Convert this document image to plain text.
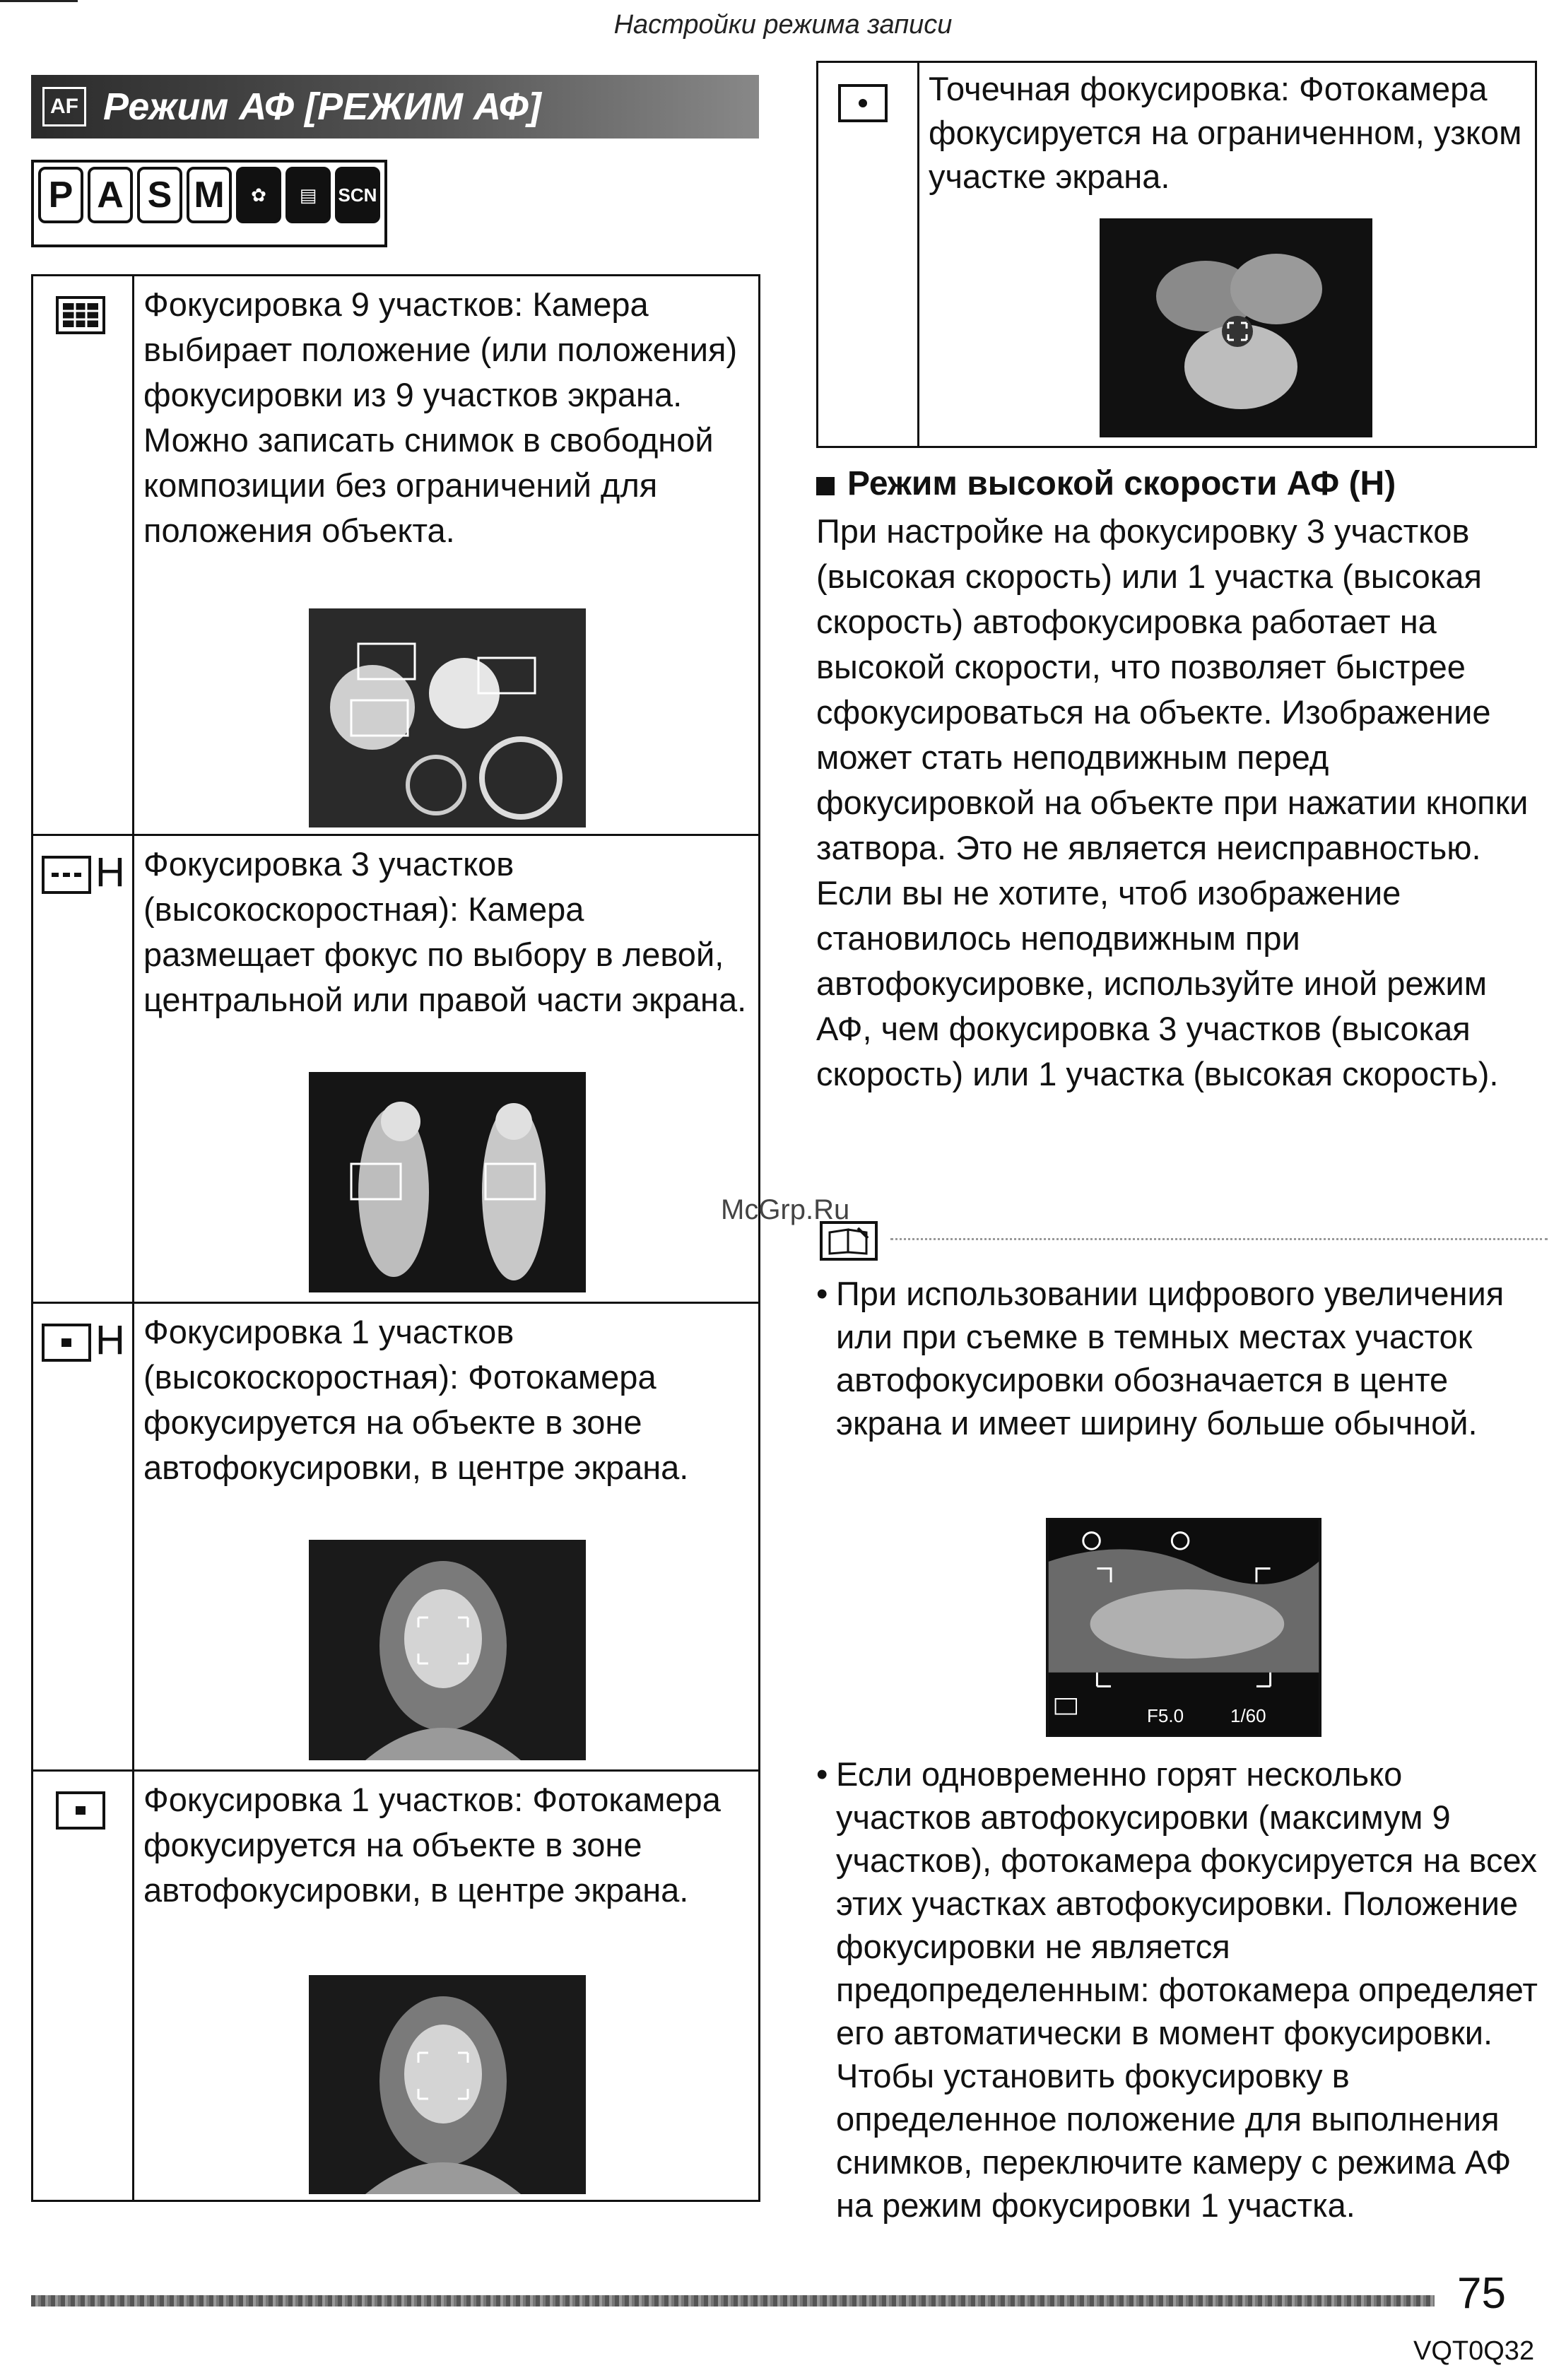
Настройки режима записи
AF Режим АФ [РЕЖИМ АФ]
P A S M	✿	▤	SCN
Фокусировка 9 участков: Камера выбирает положение (или положения) фокусировки из 9 участков экрана. Можно записать снимок в свободной композиции без ограничений для положения объекта.
H Фокусировка 3 участков (высокоскоростная): Камера размещает фокус по выбору в левой, центральной или правой части экрана.
H Фокусировка 1 участков (высокоскоростная): Фотокамера фокусируется на объекте в зоне автофокусировки, в центре экрана.
Фокусировка 1 участков: Фотокамера фокусируется на объекте в зоне автофокусировки, в центре экрана.
Точечная фокусировка: Фотокамера фокусируется на ограниченном, узком участке экрана.
Режим высокой скорости АФ (H)
При настройке на фокусировку 3 участков (высокая скорость) или 1 участка (высокая скорость) автофокусировка работает на высокой скорости, что позволяет быстрее сфокусироваться на объекте. Изображение может стать неподвижным перед фокусировкой на объекте при нажатии кнопки затвора. Это не является неисправностью. Если вы не хотите, чтоб изображение становилось неподвижным при автофокусировке, используйте иной режим АФ, чем фокусировка 3 участков (высокая скорость) или 1 участка (высокая скорость).
McGrp.Ru
• При использовании цифрового увеличения или при съемке в темных местах участок автофокусировки обозначается в центе экрана и имеет ширину больше обычной.
F5.0	1/60
• Если одновременно горят несколько участков автофокусировки (максимум 9 участков), фотокамера фокусируется на всех этих участках автофокусировки. Положение фокусировки не является предопределенным: фотокамера определяет его автоматически в момент фокусировки. Чтобы установить фокусировку в определенное положение для выполнения снимков, переключите камеру с режима АФ на режим фокусировки 1 участка.
75
VQT0Q32
